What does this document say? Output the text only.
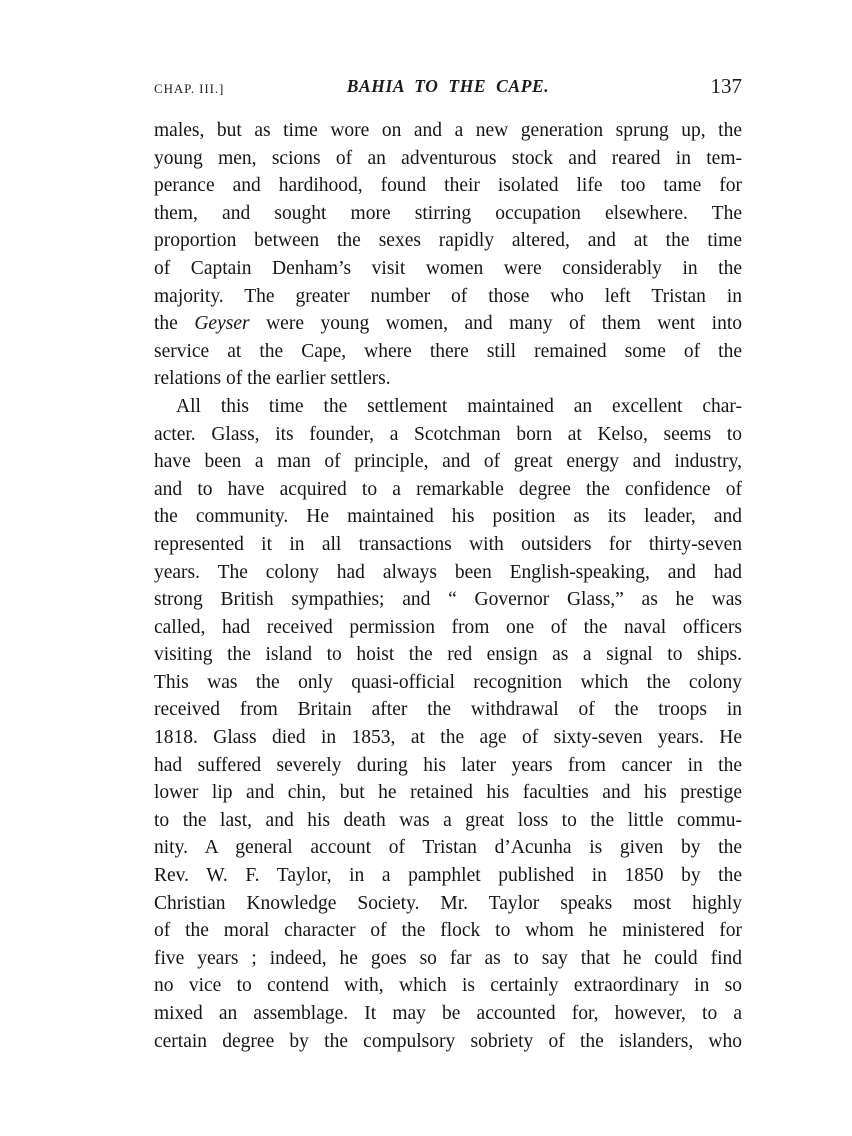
CHAP. III.]	BAHIA TO THE CAPE.	137
males, but as time wore on and a new generation sprung up, the
young men, scions of an adventurous stock and reared in tem-
perance and hardihood, found their isolated life too tame for
them, and sought more stirring occupation elsewhere. The
proportion between the sexes rapidly altered, and at the time
of Captain Denham’s visit women were considerably in the
majority. The greater number of those who left Tristan in
the Geyser were young women, and many of them went into
service at the Cape, where there still remained some of the
relations of the earlier settlers.
All this time the settlement maintained an excellent char-
acter. Glass, its founder, a Scotchman born at Kelso, seems to
have been a man of principle, and of great energy and industry,
and to have acquired to a remarkable degree the confidence of
the community. He maintained his position as its leader, and
represented it in all transactions with outsiders for thirty-seven
years. The colony had always been English-speaking, and had
strong British sympathies; and “ Governor Glass,” as he was
called, had received permission from one of the naval officers
visiting the island to hoist the red ensign as a signal to ships.
This was the only quasi-official recognition which the colony
received from Britain after the withdrawal of the troops in
1818. Glass died in 1853, at the age of sixty-seven years. He
had suffered severely during his later years from cancer in the
lower lip and chin, but he retained his faculties and his prestige
to the last, and his death was a great loss to the little commu-
nity. A general account of Tristan d’Acunha is given by the
Rev. W. F. Taylor, in a pamphlet published in 1850 by the
Christian Knowledge Society. Mr. Taylor speaks most highly
of the moral character of the flock to whom he ministered for
five years ; indeed, he goes so far as to say that he could find
no vice to contend with, which is certainly extraordinary in so
mixed an assemblage. It may be accounted for, however, to a
certain degree by the compulsory sobriety of the islanders, who
